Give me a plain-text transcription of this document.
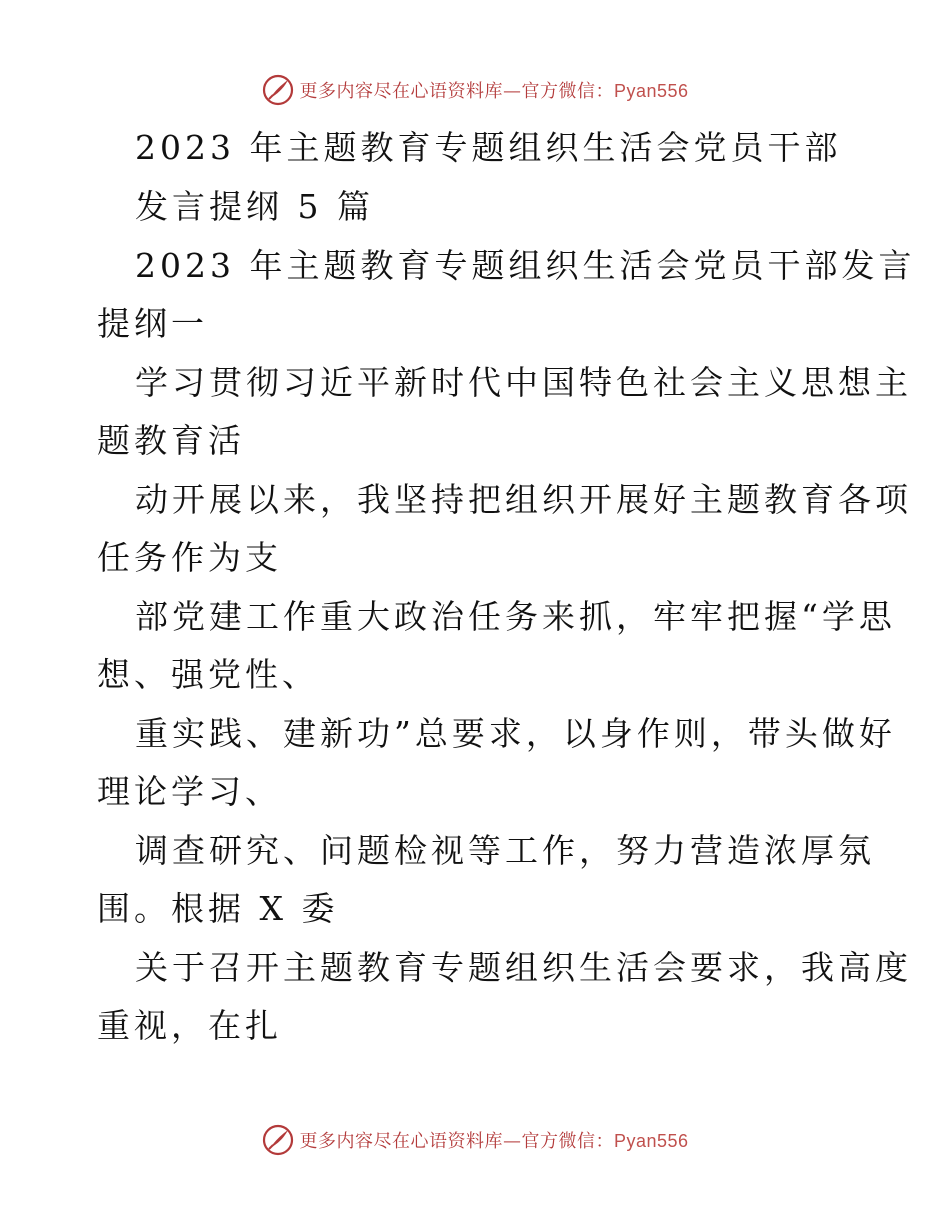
更多内容尽在心语资料库—官方微信：Pyan556
2023 年主题教育专题组织生活会党员干部
发言提纲 5 篇
2023 年主题教育专题组织生活会党员干部发言
提纲一
学习贯彻习近平新时代中国特色社会主义思想主
题教育活
动开展以来，我坚持把组织开展好主题教育各项
任务作为支
部党建工作重大政治任务来抓，牢牢把握“学思
想、强党性、
重实践、建新功”总要求，以身作则，带头做好
理论学习、
调查研究、问题检视等工作，努力营造浓厚氛
围。根据 X 委
关于召开主题教育专题组织生活会要求，我高度
重视，在扎
更多内容尽在心语资料库—官方微信：Pyan556
